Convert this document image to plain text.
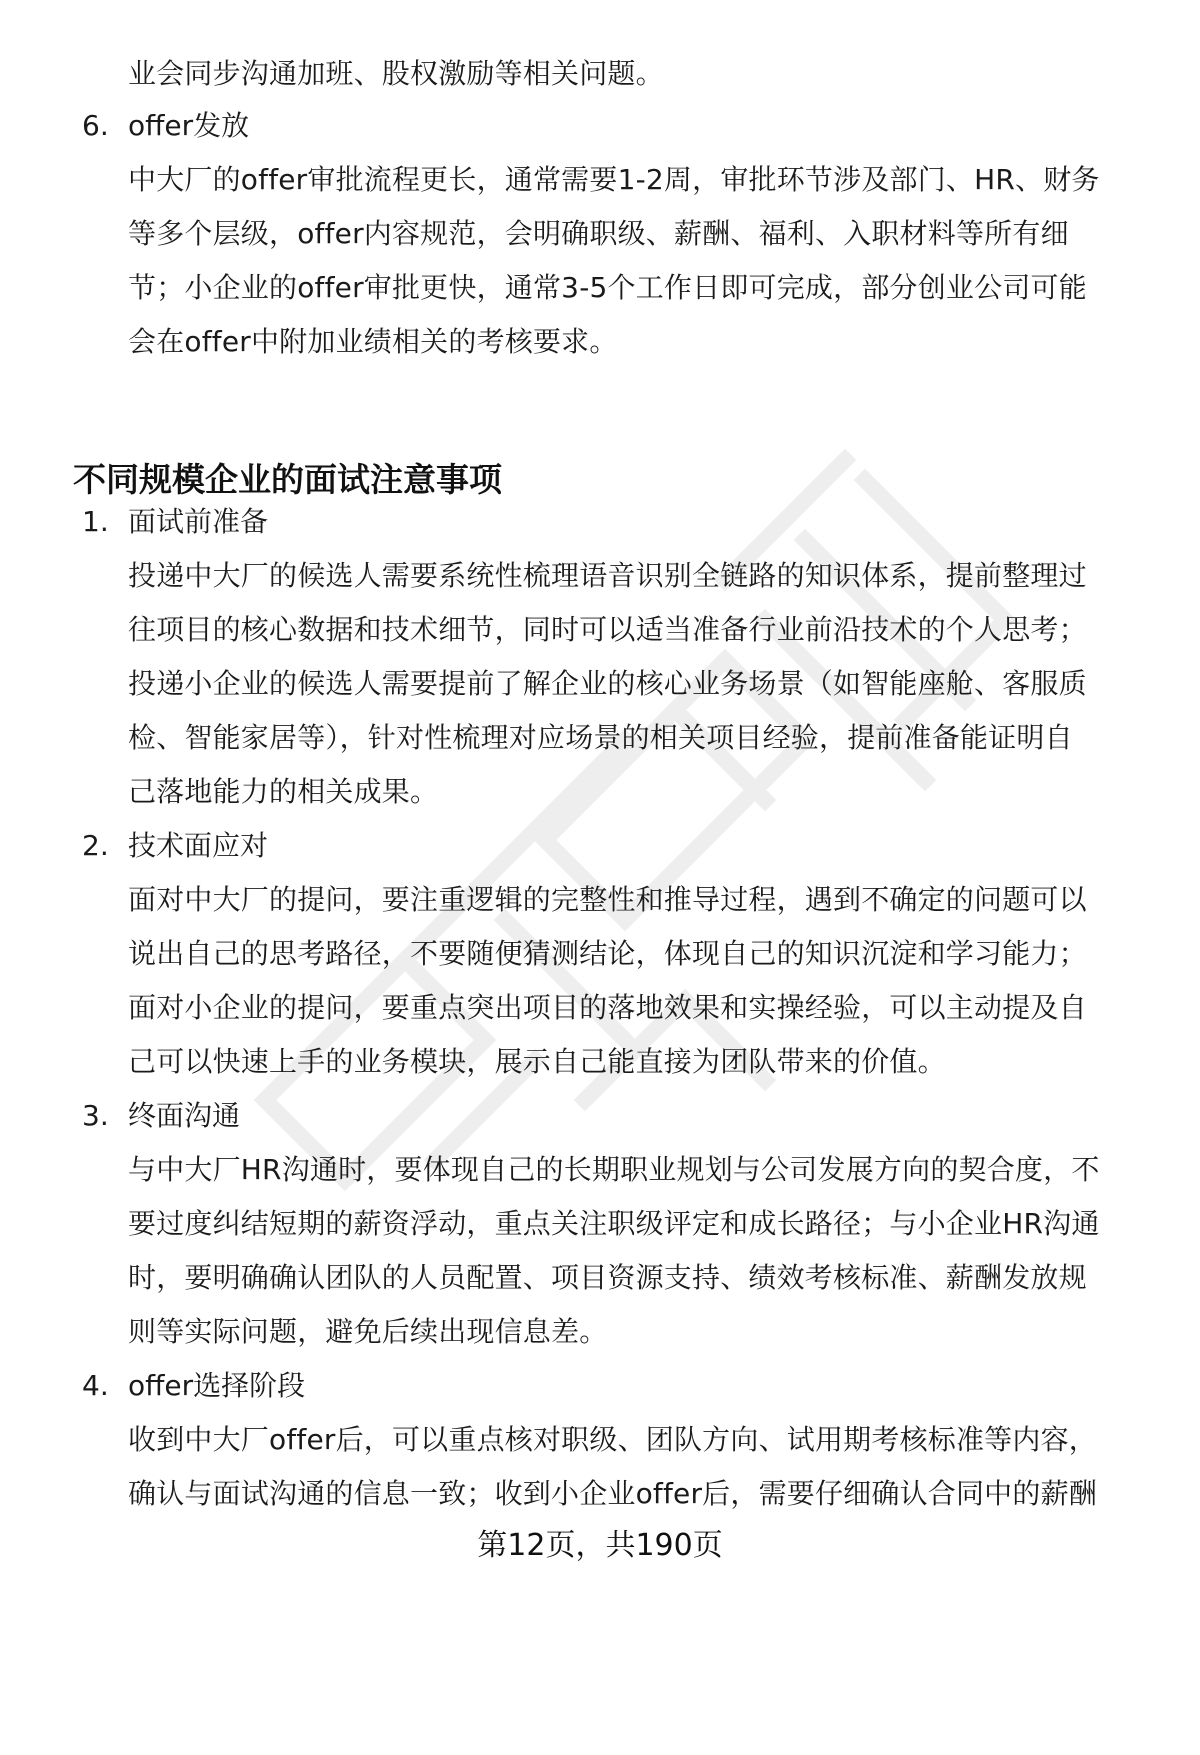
业会同步沟通加班、股权激励等相关问题。
6. offer发放
中大厂的offer审批流程更长，通常需要1-2周，审批环节涉及部门、HR、财务
等多个层级，offer内容规范，会明确职级、薪酬、福利、入职材料等所有细
节；小企业的offer审批更快，通常3-5个工作日即可完成，部分创业公司可能
会在offer中附加业绩相关的考核要求。
不同规模企业的面试注意事项
1. 面试前准备
投递中大厂的候选人需要系统性梳理语音识别全链路的知识体系，提前整理过
往项目的核心数据和技术细节，同时可以适当准备行业前沿技术的个人思考；
投递小企业的候选人需要提前了解企业的核心业务场景（如智能座舱、客服质
检、智能家居等），针对性梳理对应场景的相关项目经验，提前准备能证明自
己落地能力的相关成果。
2. 技术面应对
面对中大厂的提问，要注重逻辑的完整性和推导过程，遇到不确定的问题可以
说出自己的思考路径，不要随便猜测结论，体现自己的知识沉淀和学习能力；
面对小企业的提问，要重点突出项目的落地效果和实操经验，可以主动提及自
己可以快速上手的业务模块，展示自己能直接为团队带来的价值。
3. 终面沟通
与中大厂HR沟通时，要体现自己的长期职业规划与公司发展方向的契合度，不
要过度纠结短期的薪资浮动，重点关注职级评定和成长路径；与小企业HR沟通
时，要明确确认团队的人员配置、项目资源支持、绩效考核标准、薪酬发放规
则等实际问题，避免后续出现信息差。
4. offer选择阶段
收到中大厂offer后，可以重点核对职级、团队方向、试用期考核标准等内容，
确认与面试沟通的信息一致；收到小企业offer后，需要仔细确认合同中的薪酬
第12页，共190页
